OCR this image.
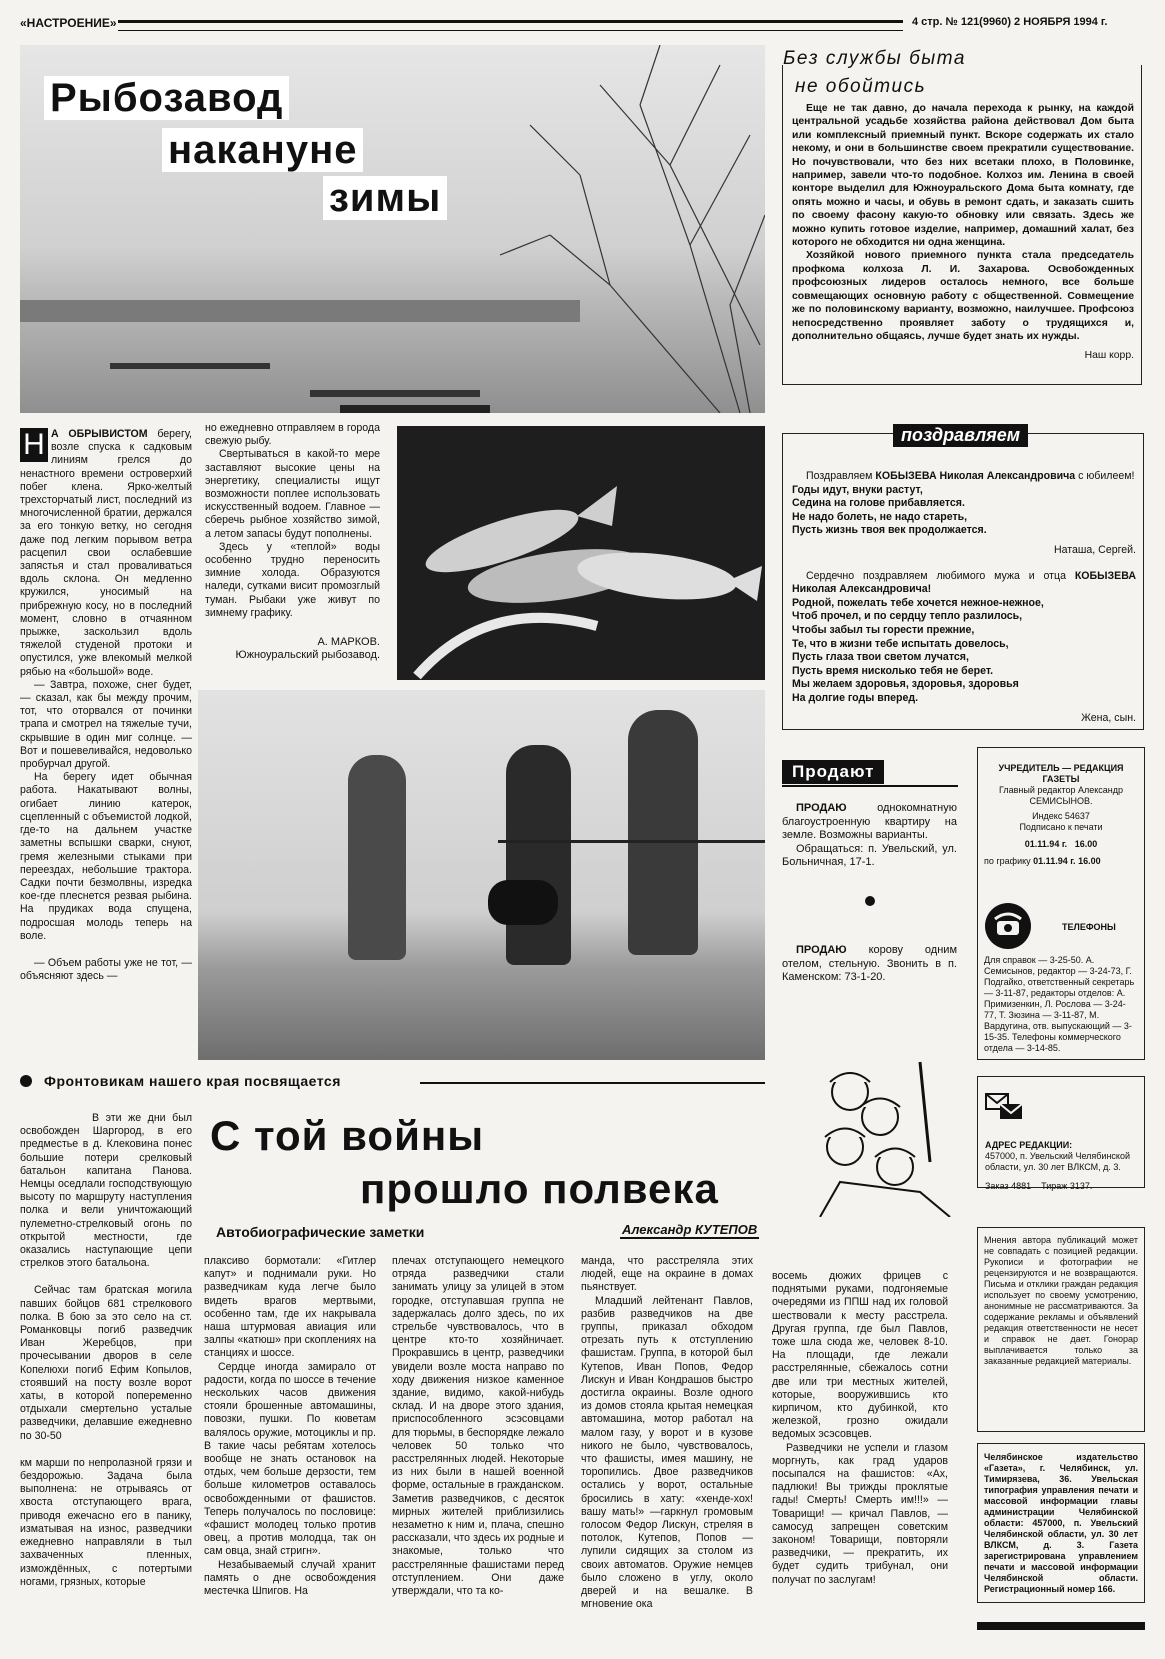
«НАСТРОЕНИЕ»	4 стр. № 121(9960) 2 НОЯБРЯ 1994 г.
Рыбозавод
накануне
зимы
Н А ОБРЫВИСТОМ берегу, возле спуска к садковым линиям грелся до ненастного времени островерхий побег клена. Ярко-желтый трехсторчатый лист, последний из многочисленной братии, держался за его тонкую ветку, но сегодня даже под легким порывом ветра расцепил свои ослабевшие запястья и стал проваливаться вдоль склона. Он медленно кружился, уносимый на прибрежную косу, но в последний момент, словно в отчаянном прыжке, заскользил вдоль тяжелой студеной протоки и опустился, уже влекомый мелкой рябью на «большой» воде.

— Завтра, похоже, снег будет, — сказал, как бы между прочим, тот, что оторвался от починки трапа и смотрел на тяжелые тучи, скрывшие в один миг солнце. — Вот и пошевеливайся, недоволько пробурчал другой.

На берегу идет обычная работа. Накатывают волны, огибает линию катерок, сцепленный с объемистой лодкой, где-то на дальнем участке заметны вспышки сварки, снуют, гремя железными стыками при переездах, небольшие трактора. Садки почти безмолвны, изредка кое-где плеснется резвая рыбина. На прудиках вода спущена, подросшая молодь теперь на воле.

— Объем работы уже не тот, — объясняют здесь —

но ежедневно отправляем в города свежую рыбу.

Свертываться в какой-то мере заставляют высокие цены на энергетику, специалисты ищут возможности поплее использовать искусственный водоем. Главное — сберечь рыбное хозяйство зимой, а летом запасы будут пополнены.

Здесь у «теплой» воды особенно трудно переносить зимние холода. Образуются наледи, сутками висит промозглый туман. Рыбаки уже живут по зимнему графику.

А. МАРКОВ.
Южноуральский рыбозавод.
Без службы быта
не обойтись

Еще не так давно, до начала перехода к рынку, на каждой центральной усадьбе хозяйства района действовал Дом быта или комплексный приемный пункт. Вскоре содержать их стало некому, и они в большинстве своем прекратили существование. Но почувствовали, что без них всетаки плохо, в Половинке, например, завели что-то подобное. Колхоз им. Ленина в своей конторе выделил для Южноуральского Дома быта комнату, где опять можно и часы, и обувь в ремонт сдать, и заказать сшить по своему фасону какую-то обновку или связать. Здесь же можно купить готовое изделие, например, домашний халат, без которого не обходится ни одна женщина.

Хозяйкой нового приемного пункта стала председатель профкома колхоза Л. И. Захарова. Освобожденных профсоюзных лидеров осталось немного, все больше совмещающих основную работу с общественной. Совмещение же по половинскому варианту, возможно, наилучшее. Профсоюз непосредственно проявляет заботу о трудящихся и, дополнительно общаясь, лучше будет знать их нужды.

Наш корр.
поздравляем

Поздравляем КОБЫЗЕВА Николая Александровича с юбилеем!

Годы идут, внуки растут,
Седина на голове прибавляется.
Не надо болеть, не надо стареть,
Пусть жизнь твоя век продолжается.
Наташа, Сергей.

Сердечно поздравляем любимого мужа и отца КОБЫЗЕВА Николая Александровича!

Родной, пожелать тебе хочется нежное-нежное,
Чтоб прочел, и по сердцу тепло разлилось,
Чтобы забыл ты горести прежние,
Те, что в жизни тебе испытать довелось,
Пусть глаза твои светом лучатся,
Пусть время нисколько тебя не берет.
Мы желаем здоровья, здоровья, здоровья
На долгие годы вперед.
Жена, сын.
Продают

ПРОДАЮ	однокомнатную благоустроенную квартиру на земле. Возможны варианты.

Обращаться: п. Увельский, ул. Больничная, 17-1.

ПРОДАЮ корову одним отелом, стельную. Звонить в п. Каменском: 73-1-20.

УЧРЕДИТЕЛЬ — РЕДАКЦИЯ ГАЗЕТЫ
Главный редактор Александр СЕМИСЫНОВ.
Индекс 54637
Подписано к печати
01.11.94 г. 16.00
по графику 01.11.94 г. 16.00
ТЕЛЕФОНЫ
Для справок — 3-25-50. А. Семисынов, редактор — 3-24-73, Г. Подгайко, ответственный секретарь — 3-11-87, редакторы отделов: А. Примизенкин, Л. Рослова — 3-24-77, Т. Зюзина — 3-11-87, М. Вардугина, отв. выпускающий — 3-15-35. Телефоны коммерческого отдела — 3-14-85.
АДРЕС РЕДАКЦИИ:
457000, п. Увельский Челябинской области, ул. 30 лет ВЛКСМ, д. 3.
Заказ 4881 Тираж 3137.
Мнения автора публикаций может не совпадать с позицией редакции. Рукописи и фотографии не рецензируются и не возвращаются. Письма и отклики граждан редакция использует по своему усмотрению, анонимные не рассматриваются. За содержание рекламы и объявлений редакция ответственности не несет и справок не дает. Гонорар выплачивается только за заказанные редакцией материалы.
Челябинское издательство «Газета», г. Челябинск, ул. Тимирязева, 36. Увельская типография управления печати и массовой информации главы администрации Челябинской области: 457000, п. Увельский Челябинской области, ул. 30 лет ВЛКСМ, д. 3. Газета зарегистрирована управлением печати и массовой информации Челябинской области. Регистрационный номер 166.
Фронтовикам нашего края посвящается
С той войны
прошло полвека
Автобиографические заметки	Александр КУТЕПОВ

В эти же дни был освобожден Шаргород, в его предместье в д. Клековина понес большие потери срелковый батальон капитана Панова. Немцы оседлали господствующую высоту по маршруту наступления полка и вели уничтожающий пулеметно-стрелковый огонь по открытой местности, где оказались наступающие цепи стрелков этого батальона.

Сейчас там братская могила павших бойцов 681 стрелкового полка. В бою за это село на ст. Романковцы погиб разведчик Иван Жеребцов, при прочесывании дворов в селе Копелюхи погиб Ефим Копылов, стоявший на посту возле ворот хаты, в которой попеременно отдыхали смертельно усталые разведчики, делавшие ежедневно по 30-50

км марши по непролазной грязи и бездорожью. Задача была выполнена: не отрываясь от хвоста отступающего врага, приводя ежечасно его в панику, изматывая на износ, разведчики ежедневно направляли в тыл захваченных пленных, измождённых, с потертыми ногами, грязных, которые

плаксиво бормотали: «Гитлер капут» и поднимали руки. Но разведчикам куда легче было видеть врагов мертвыми, особенно там, где их накрывала наша штурмовая авиация или залпы «катюш» при скоплениях на станциях и шоссе.

Сердце иногда замирало от радости, когда по шоссе в течение нескольких часов движения стояли брошенные автомашины, повозки, пушки. По кюветам валялось оружие, мотоциклы и пр. В такие часы ребятам хотелось вообще не знать остановок на отдых, чем больше дерзости, тем больше километров оставалось освобожденными от фашистов. Теперь получалось по пословице: «фашист молодец только против овец, а против молодца, так он сам овца, знай стригн».

Незабываемый случай хранит память о дне освобождения местечка Шпигов. На

плечах отступающего немецкого отряда разведчики стали занимать улицу за улицей в этом городке, отступавшая группа не задержалась долго здесь, по их стрельбе чувствовалось, что в центре кто-то хозяйничает. Прокравшись в центр, разведчики увидели возле моста направо по ходу движения низкое каменное здание, видимо, какой-нибудь склад. И на дворе этого здания, приспособленного эсэсовцами для тюрьмы, в беспорядке лежало человек 50 только что расстрелянных людей. Некоторые из них были в нашей военной форме, остальные в гражданском. Заметив разведчиков, с десяток мирных жителей приблизились незаметно к ним и, плача, спешно рассказали, что здесь их родные и знакомые, только что расстрелянные фашистами перед отступлением. Они даже утверждали, что та ко-

манда, что расстреляла этих людей, еще на окраине в домах пьянствует.

Младший лейтенант Павлов, разбив разведчиков на две группы, приказал обходом отрезать путь к отступлению фашистам. Группа, в которой был Кутепов, Иван Попов, Федор Лискун и Иван Кондрашов быстро достигла окраины. Возле одного из домов стояла крытая немецкая автомашина, мотор работал на малом газу, у ворот и в кузове никого не было, чувствовалось, что фашисты, имея машину, не торопились. Двое разведчиков остались у ворот, остальные бросились в хату: «хенде-хох! вашу мать!» —гаркнул громовым голосом Федор Лискун, стреляя в потолок, Кутепов, Попов — лупили сидящих за столом из своих автоматов. Оружие немцев было сложено в углу, около дверей и на вешалке. В мгновение ока

восемь дюжих фрицев с поднятыми руками, подгоняемые очередями из ППШ над их головой шествовали к месту расстрела. Другая группа, где был Павлов, тоже шла сюда же, человек 8-10. На площади, где лежали расстрелянные, сбежалось сотни две или три местных жителей, которые, вооружившись кто кирпичом, кто дубинкой, кто железкой, грозно ожидали ведомых эсэсовцев.

Разведчики не успели и глазом моргнуть, как град ударов посыпался на фашистов: «Ах, падлюки! Вы трижды проклятые гады! Смерть! Смерть им!!!» — Товарищи! — кричал Павлов, — самосуд запрещен советским законом! Товарищи, повторяли разведчики, — прекратить, их будет судить трибунал, они получат по заслугам!
